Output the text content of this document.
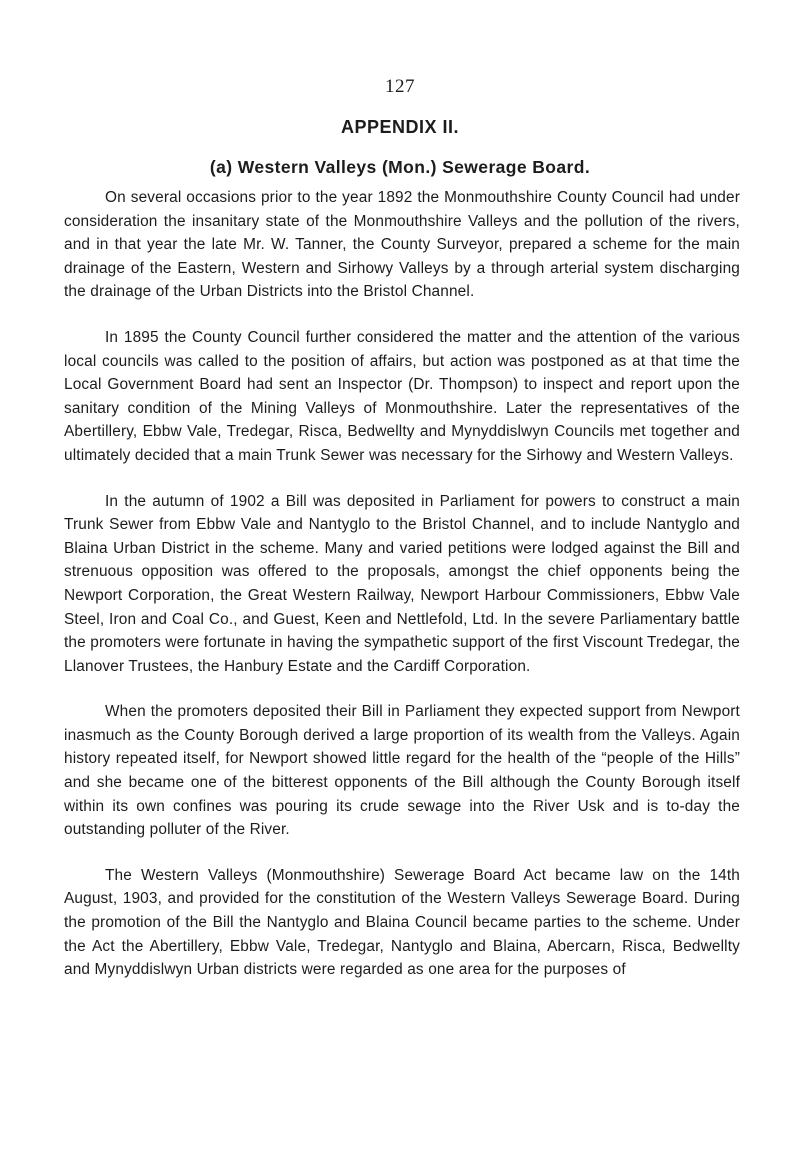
127
APPENDIX II.
(a) Western Valleys (Mon.) Sewerage Board.

On several occasions prior to the year 1892 the Monmouthshire County Council had under consideration the insanitary state of the Monmouthshire Valleys and the pollution of the rivers, and in that year the late Mr. W. Tanner, the County Surveyor, prepared a scheme for the main drainage of the Eastern, Western and Sirhowy Valleys by a through arterial system discharging the drainage of the Urban Districts into the Bristol Channel.

In 1895 the County Council further considered the matter and the attention of the various local councils was called to the position of affairs, but action was postponed as at that time the Local Government Board had sent an Inspector (Dr. Thompson) to inspect and report upon the sanitary condition of the Mining Valleys of Monmouthshire. Later the representatives of the Abertillery, Ebbw Vale, Tredegar, Risca, Bedwellty and Mynyddislwyn Councils met together and ultimately decided that a main Trunk Sewer was necessary for the Sirhowy and Western Valleys.

In the autumn of 1902 a Bill was deposited in Parliament for powers to construct a main Trunk Sewer from Ebbw Vale and Nantyglo to the Bristol Channel, and to include Nantyglo and Blaina Urban District in the scheme. Many and varied petitions were lodged against the Bill and strenuous opposition was offered to the proposals, amongst the chief opponents being the Newport Corporation, the Great Western Railway, Newport Harbour Commissioners, Ebbw Vale Steel, Iron and Coal Co., and Guest, Keen and Nettlefold, Ltd. In the severe Parliamentary battle the promoters were fortunate in having the sympathetic support of the first Viscount Tredegar, the Llanover Trustees, the Hanbury Estate and the Cardiff Corporation.

When the promoters deposited their Bill in Parliament they expected support from Newport inasmuch as the County Borough derived a large proportion of its wealth from the Valleys. Again history repeated itself, for Newport showed little regard for the health of the “people of the Hills” and she became one of the bitterest opponents of the Bill although the County Borough itself within its own confines was pouring its crude sewage into the River Usk and is to-day the outstanding polluter of the River.

The Western Valleys (Monmouthshire) Sewerage Board Act became law on the 14th August, 1903, and provided for the constitution of the Western Valleys Sewerage Board. During the promotion of the Bill the Nantyglo and Blaina Council became parties to the scheme. Under the Act the Abertillery, Ebbw Vale, Tredegar, Nantyglo and Blaina, Abercarn, Risca, Bedwellty and Mynyddislwyn Urban districts were regarded as one area for the purposes of
